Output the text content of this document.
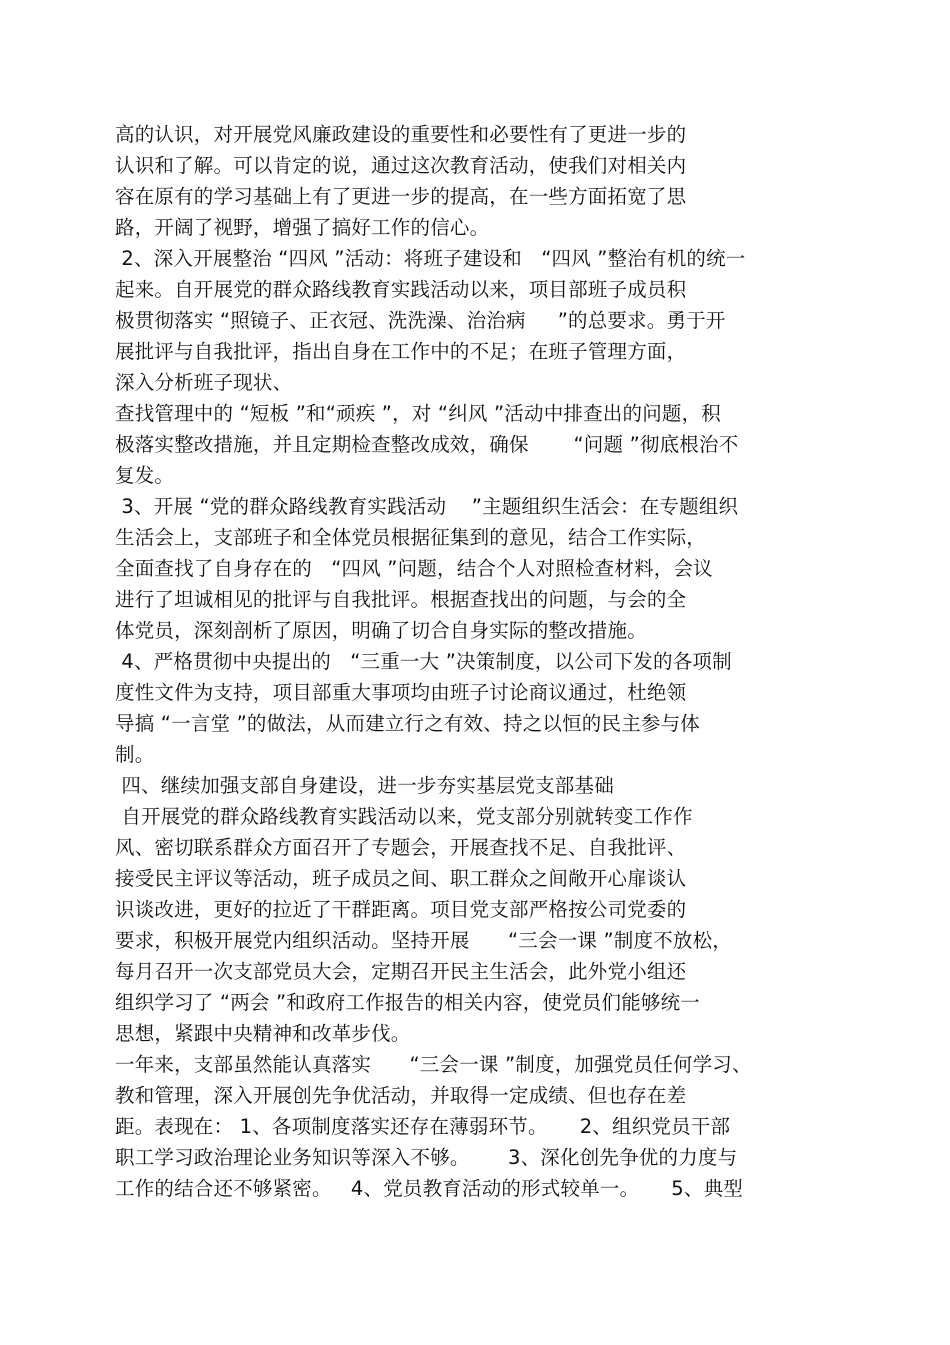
高的认识，对开展党风廉政建设的重要性和必要性有了更进一步的
认识和了解。可以肯定的说，通过这次教育活动，使我们对相关内
容在原有的学习基础上有了更进一步的提高，在一些方面拓宽了思
路，开阔了视野，增强了搞好工作的信心。
2、深入开展整治 “四风 ”活动：将班子建设和   “四风 ”整治有机的统一
起来。自开展党的群众路线教育实践活动以来，项目部班子成员积
极贯彻落实 “照镜子、正衣冠、洗洗澡、治治病     ”的总要求。勇于开
展批评与自我批评，指出自身在工作中的不足；在班子管理方面，
深入分析班子现状、
查找管理中的 “短板 ”和“顽疾 ”，对 “纠风 ”活动中排查出的问题，积
极落实整改措施，并且定期检查整改成效，确保       “问题 ”彻底根治不
复发。
3、开展 “党的群众路线教育实践活动    ”主题组织生活会：在专题组织
生活会上，支部班子和全体党员根据征集到的意见，结合工作实际，
全面查找了自身存在的   “四风 ”问题，结合个人对照检查材料，会议
进行了坦诚相见的批评与自我批评。根据查找出的问题，与会的全
体党员，深刻剖析了原因，明确了切合自身实际的整改措施。
4、严格贯彻中央提出的   “三重一大 ”决策制度，以公司下发的各项制
度性文件为支持，项目部重大事项均由班子讨论商议通过，杜绝领
导搞 “一言堂 ”的做法，从而建立行之有效、持之以恒的民主参与体
制。
四、继续加强支部自身建设，进一步夯实基层党支部基础
自开展党的群众路线教育实践活动以来，党支部分别就转变工作作
风、密切联系群众方面召开了专题会，开展查找不足、自我批评、
接受民主评议等活动，班子成员之间、职工群众之间敞开心扉谈认
识谈改进，更好的拉近了干群距离。项目党支部严格按公司党委的
要求，积极开展党内组织活动。坚持开展      “三会一课 ”制度不放松，
每月召开一次支部党员大会，定期召开民主生活会，此外党小组还
组织学习了 “两会 ”和政府工作报告的相关内容，使党员们能够统一
思想，紧跟中央精神和改革步伐。
一年来，支部虽然能认真落实      “三会一课 ”制度，加强党员任何学习、
教和管理，深入开展创先争优活动，并取得一定成绩、但也存在差
距。表现在： 1、各项制度落实还存在薄弱环节。     2、组织党员干部
职工学习政治理论业务知识等深入不够。      3、深化创先争优的力度与
工作的结合还不够紧密。   4、党员教育活动的形式较单一。     5、典型
